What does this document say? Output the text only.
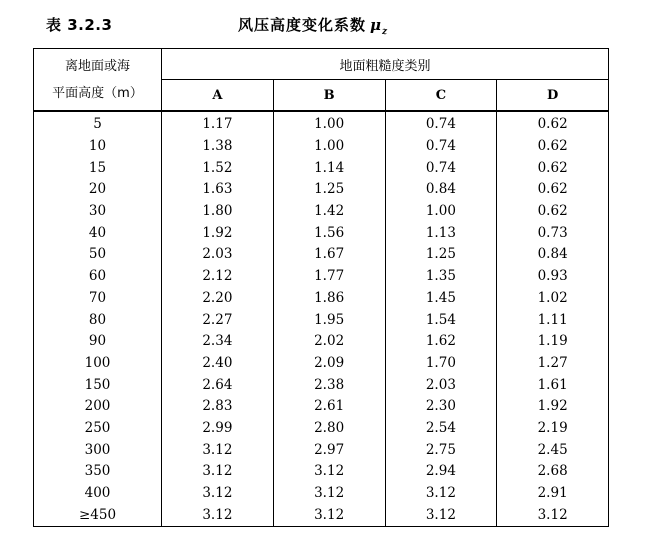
表 3.2.3	风压高度变化系数 $\mu_z$
离地面或海
平面高度（m）	地面粗糙度类别			
	A	B	C	D
5	1.17	1.00	0.74	0.62
10	1.38	1.00	0.74	0.62
15	1.52	1.14	0.74	0.62
20	1.63	1.25	0.84	0.62
30	1.80	1.42	1.00	0.62
40	1.92	1.56	1.13	0.73
50	2.03	1.67	1.25	0.84
60	2.12	1.77	1.35	0.93
70	2.20	1.86	1.45	1.02
80	2.27	1.95	1.54	1.11
90	2.34	2.02	1.62	1.19
100	2.40	2.09	1.70	1.27
150	2.64	2.38	2.03	1.61
200	2.83	2.61	2.30	1.92
250	2.99	2.80	2.54	2.19
300	3.12	2.97	2.75	2.45
350	3.12	3.12	2.94	2.68
400	3.12	3.12	3.12	2.91
≥450	3.12	3.12	3.12	3.12
